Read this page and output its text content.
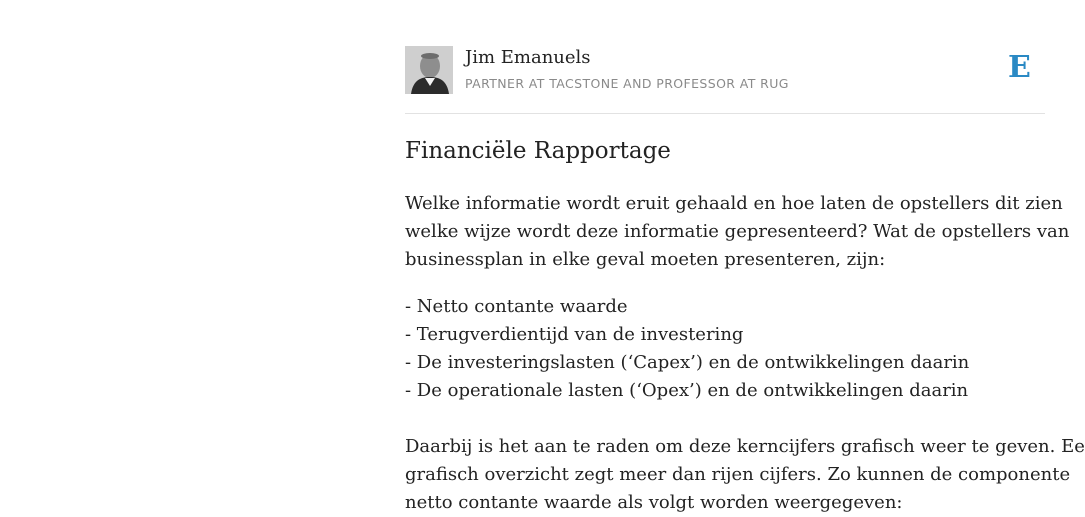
Jim Emanuels
PARTNER AT TACSTONE AND PROFESSOR AT RUG	E
Financiële Rapportage

Welke informatie wordt eruit gehaald en hoe laten de opstellers dit zien
welke wijze wordt deze informatie gepresenteerd? Wat de opstellers van
businessplan in elke geval moeten presenteren, zijn:

- Netto contante waarde
- Terugverdientijd van de investering
- De investeringslasten (‘Capex’) en de ontwikkelingen daarin
- De operationale lasten (‘Opex’) en de ontwikkelingen daarin

Daarbij is het aan te raden om deze kerncijfers grafisch weer te geven. Ee
grafisch overzicht zegt meer dan rijen cijfers. Zo kunnen de componente
netto contante waarde als volgt worden weergegeven:
